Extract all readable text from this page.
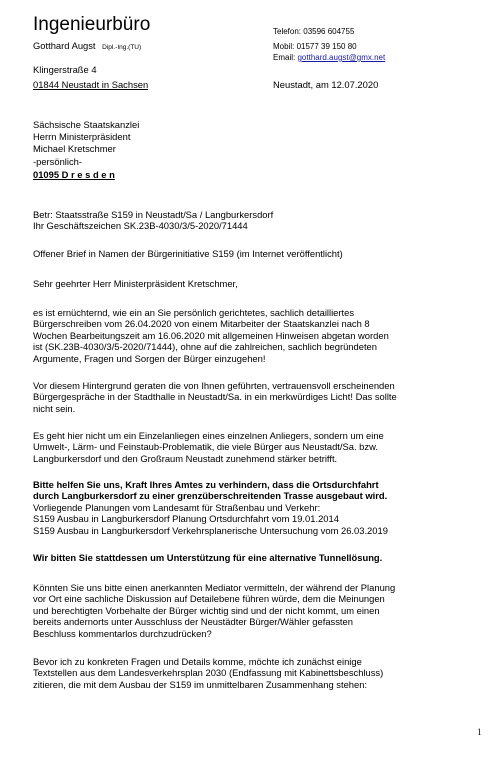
Ingenieurbüro
Gotthard Augst Dipl.-Ing.(TU)
Telefon: 03596 604755
Mobil: 01577 39 150 80
Email: gotthard.augst@gmx.net
Klingerstraße 4
01844 Neustadt in Sachsen	Neustadt, am 12.07.2020
Sächsische Staatskanzlei
Herrn Ministerpräsident
Michael Kretschmer
-persönlich-
01095 D r e s d e n
Betr: Staatsstraße S159 in Neustadt/Sa / Langburkersdorf
Ihr Geschäftszeichen SK.23B-4030/3/5-2020/71444
Offener Brief in Namen der Bürgerinitiative S159 (im Internet veröffentlicht)
Sehr geehrter Herr Ministerpräsident Kretschmer,
es ist ernüchternd, wie ein an Sie persönlich gerichtetes, sachlich detailliertes
Bürgerschreiben vom 26.04.2020 von einem Mitarbeiter der Staatskanzlei nach 8
Wochen Bearbeitungszeit am 16.06.2020 mit allgemeinen Hinweisen abgetan worden
ist (SK.23B-4030/3/5-2020/71444), ohne auf die zahlreichen, sachlich begründeten
Argumente, Fragen und Sorgen der Bürger einzugehen!
Vor diesem Hintergrund geraten die von Ihnen geführten, vertrauensvoll erscheinenden
Bürgergespräche in der Stadthalle in Neustadt/Sa. in ein merkwürdiges Licht! Das sollte
nicht sein.
Es geht hier nicht um ein Einzelanliegen eines einzelnen Anliegers, sondern um eine
Umwelt-, Lärm- und Feinstaub-Problematik, die viele Bürger aus Neustadt/Sa. bzw.
Langburkersdorf und den Großraum Neustadt zunehmend stärker betrifft.
Bitte helfen Sie uns, Kraft Ihres Amtes zu verhindern, dass die Ortsdurchfahrt
durch Langburkersdorf zu einer grenzüberschreitenden Trasse ausgebaut wird.
Vorliegende Planungen vom Landesamt für Straßenbau und Verkehr:
S159 Ausbau in Langburkersdorf Planung Ortsdurchfahrt vom 19.01.2014
S159 Ausbau in Langburkersdorf Verkehrsplanerische Untersuchung vom 26.03.2019
Wir bitten Sie stattdessen um Unterstützung für eine alternative Tunnellösung.
Könnten Sie uns bitte einen anerkannten Mediator vermitteln, der während der Planung
vor Ort eine sachliche Diskussion auf Detailebene führen würde, dem die Meinungen
und berechtigten Vorbehalte der Bürger wichtig sind und der nicht kommt, um einen
bereits andernorts unter Ausschluss der Neustädter Bürger/Wähler gefassten
Beschluss kommentarlos durchzudrücken?
Bevor ich zu konkreten Fragen und Details komme, möchte ich zunächst einige
Textstellen aus dem Landesverkehrsplan 2030 (Endfassung mit Kabinettsbeschluss)
zitieren, die mit dem Ausbau der S159 im unmittelbaren Zusammenhang stehen:
1
